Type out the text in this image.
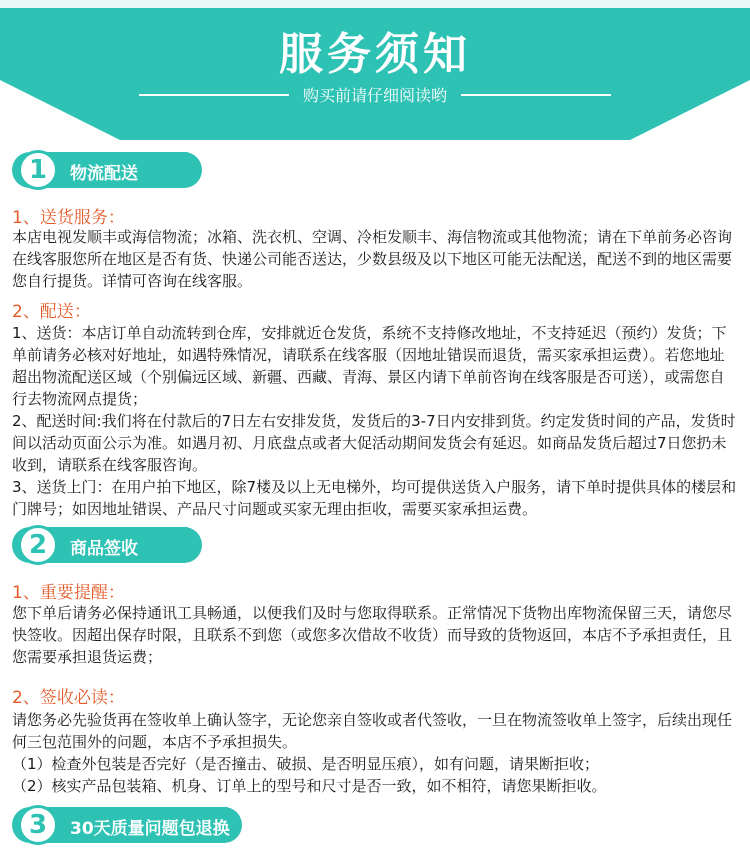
服务须知
购买前请仔细阅读哟
1	物流配送
1、送货服务：

本店电视发顺丰或海信物流；冰箱、洗衣机、空调、冷柜发顺丰、海信物流或其他物流；请在下单前务必咨询在线客服您所在地区是否有货、快递公司能否送达，少数县级及以下地区可能无法配送，配送不到的地区需要您自行提货。详情可咨询在线客服。

2、配送：

1、送货：本店订单自动流转到仓库，安排就近仓发货，系统不支持修改地址，不支持延迟（预约）发货；下单前请务必核对好地址，如遇特殊情况，请联系在线客服（因地址错误而退货，需买家承担运费）。若您地址超出物流配送区域（个别偏远区域、新疆、西藏、青海、景区内请下单前咨询在线客服是否可送），或需您自行去物流网点提货；

2、配送时间:我们将在付款后的7日左右安排发货，发货后的3-7日内安排到货。约定发货时间的产品，发货时间以活动页面公示为准。如遇月初、月底盘点或者大促活动期间发货会有延迟。如商品发货后超过7日您扔未收到，请联系在线客服咨询。

3、送货上门：在用户拍下地区，除7楼及以上无电梯外，均可提供送货入户服务，请下单时提供具体的楼层和门牌号；如因地址错误、产品尺寸问题或买家无理由拒收，需要买家承担运费。

2	商品签收
1、重要提醒：

您下单后请务必保持通讯工具畅通，以便我们及时与您取得联系。正常情况下货物出库物流保留三天，请您尽快签收。因超出保存时限，且联系不到您（或您多次借故不收货）而导致的货物返回，本店不予承担责任，且您需要承担退货运费；

2、签收必读：

请您务必先验货再在签收单上确认签字，无论您亲自签收或者代签收，一旦在物流签收单上签字，后续出现任何三包范围外的问题，本店不予承担损失。

（1）检查外包装是否完好（是否撞击、破损、是否明显压痕），如有问题，请果断拒收；

（2）核实产品包装箱、机身、订单上的型号和尺寸是否一致，如不相符，请您果断拒收。

3	30天质量问题包退换
